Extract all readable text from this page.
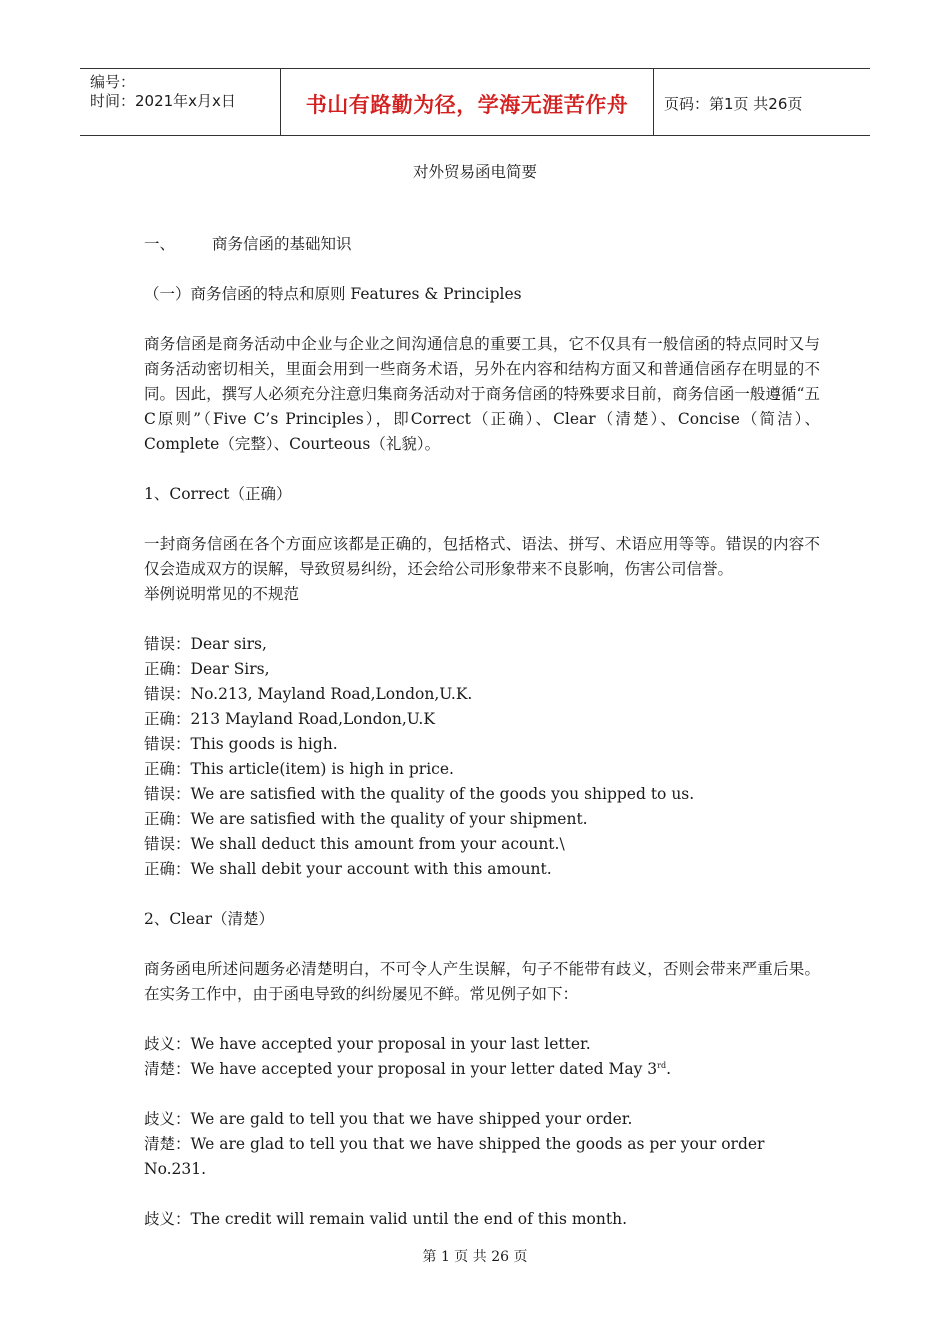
编号：
时间：2021年x月x日	书山有路勤为径，学海无涯苦作舟	页码：第1页 共26页
对外贸易函电简要

一、 商务信函的基础知识

（一）商务信函的特点和原则 Features & Principles

商务信函是商务活动中企业与企业之间沟通信息的重要工具，它不仅具有一般信函的特点同时又与商务活动密切相关，里面会用到一些商务术语，另外在内容和结构方面又和普通信函存在明显的不同。因此，撰写人必须充分注意归集商务活动对于商务信函的特殊要求目前，商务信函一般遵循“五C原则”（Five C’s Principles），即Correct（正确）、Clear（清楚）、Concise（简洁）、Complete（完整）、Courteous（礼貌）。

1、Correct（正确）

一封商务信函在各个方面应该都是正确的，包括格式、语法、拼写、术语应用等等。错误的内容不仅会造成双方的误解，导致贸易纠纷，还会给公司形象带来不良影响，伤害公司信誉。

举例说明常见的不规范

错误：Dear sirs,

正确：Dear Sirs,

错误：No.213, Mayland Road,London,U.K.

正确：213 Mayland Road,London,U.K

错误：This goods is high.

正确：This article(item) is high in price.

错误：We are satisfied with the quality of the goods you shipped to us.

正确：We are satisfied with the quality of your shipment.

错误：We shall deduct this amount from your acount.\

正确：We shall debit your account with this amount.

2、Clear（清楚）

商务函电所述问题务必清楚明白，不可令人产生误解，句子不能带有歧义，否则会带来严重后果。在实务工作中，由于函电导致的纠纷屡见不鲜。常见例子如下：

歧义：We have accepted your proposal in your last letter.

清楚：We have accepted your proposal in your letter dated May 3rd.

歧义：We are gald to tell you that we have shipped your order.

清楚：We are glad to tell you that we have shipped the goods as per your order No.231.

歧义：The credit will remain valid until the end of this month.

第 1 页 共 26 页
